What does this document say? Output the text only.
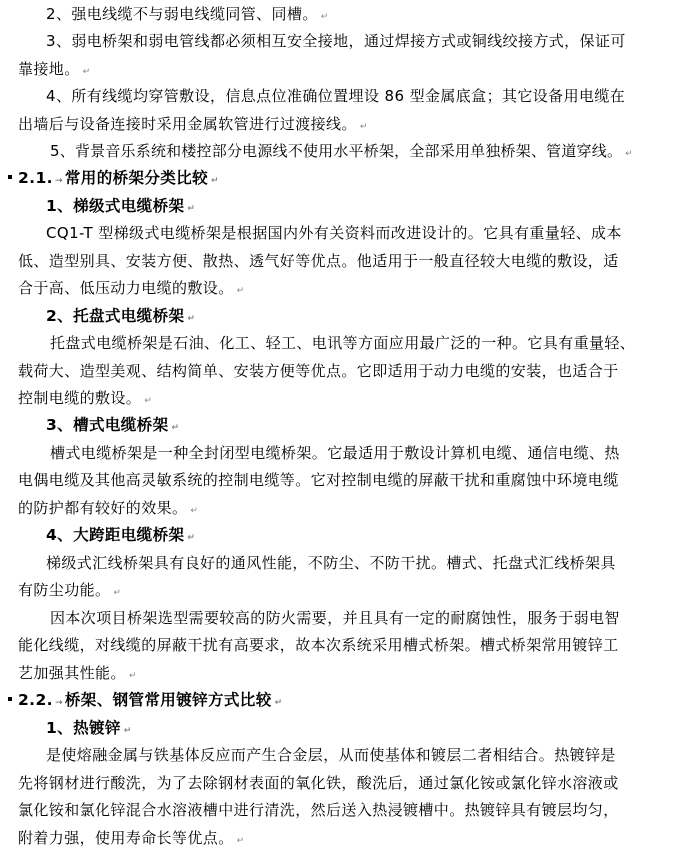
2、强电线缆不与弱电线缆同管、同槽。 ↵
3、弱电桥架和弱电管线都必须相互安全接地，通过焊接方式或铜线绞接方式，保证可
靠接地。 ↵
4、所有线缆均穿管敷设，信息点位准确位置埋设 86 型金属底盒；其它设备用电缆在
出墙后与设备连接时采用金属软管进行过渡接线。 ↵
5、背景音乐系统和楼控部分电源线不使用水平桥架，全部采用单独桥架、管道穿线。 ↵
2.1. → 常用的桥架分类比较 ↵
1、梯级式电缆桥架 ↵
CQ1-T 型梯级式电缆桥架是根据国内外有关资料而改进设计的。它具有重量轻、成本
低、造型别具、安装方便、散热、透气好等优点。他适用于一般直径较大电缆的敷设，适
合于高、低压动力电缆的敷设。 ↵
2、托盘式电缆桥架 ↵
托盘式电缆桥架是石油、化工、轻工、电讯等方面应用最广泛的一种。它具有重量轻、
载荷大、造型美观、结构简单、安装方便等优点。它即适用于动力电缆的安装，也适合于
控制电缆的敷设。 ↵
3、槽式电缆桥架 ↵
槽式电缆桥架是一种全封闭型电缆桥架。它最适用于敷设计算机电缆、通信电缆、热
电偶电缆及其他高灵敏系统的控制电缆等。它对控制电缆的屏蔽干扰和重腐蚀中环境电缆
的防护都有较好的效果。 ↵
4、大跨距电缆桥架 ↵
梯级式汇线桥架具有良好的通风性能，不防尘、不防干扰。槽式、托盘式汇线桥架具
有防尘功能。 ↵
因本次项目桥架选型需要较高的防火需要，并且具有一定的耐腐蚀性，服务于弱电智
能化线缆，对线缆的屏蔽干扰有高要求，故本次系统采用槽式桥架。槽式桥架常用镀锌工
艺加强其性能。 ↵
2.2. → 桥架、钢管常用镀锌方式比较 ↵
1、热镀锌 ↵
是使熔融金属与铁基体反应而产生合金层，从而使基体和镀层二者相结合。热镀锌是
先将钢材进行酸洗，为了去除钢材表面的氧化铁，酸洗后，通过氯化铵或氯化锌水溶液或
氯化铵和氯化锌混合水溶液槽中进行清洗，然后送入热浸镀槽中。热镀锌具有镀层均匀，
附着力强，使用寿命长等优点。 ↵
